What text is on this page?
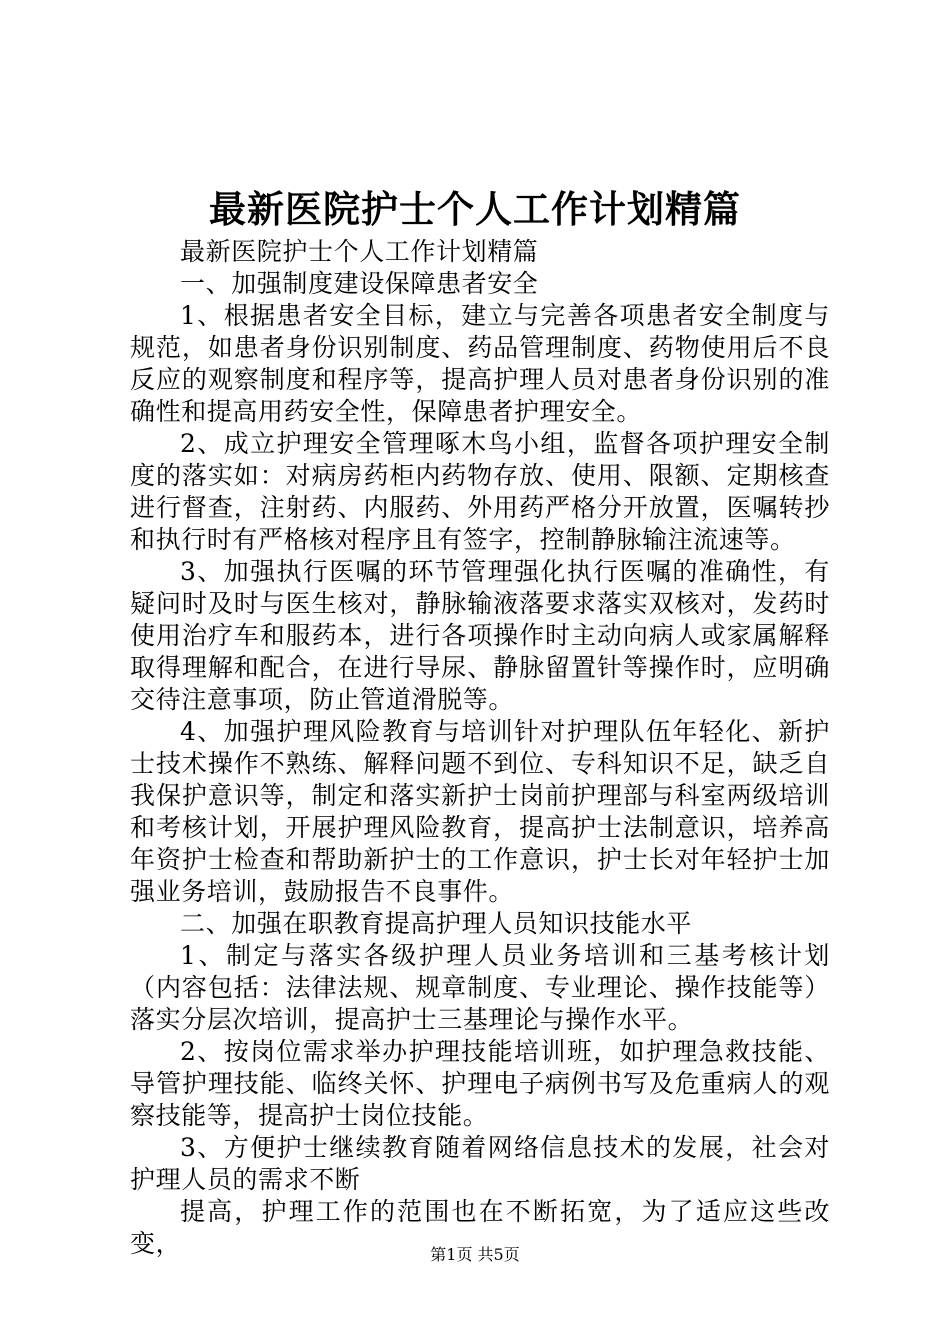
最新医院护士个人工作计划精篇

最新医院护士个人工作计划精篇

一、加强制度建设保障患者安全

1、根据患者安全目标，建立与完善各项患者安全制度与规范，如患者身份识别制度、药品管理制度、药物使用后不良反应的观察制度和程序等，提高护理人员对患者身份识别的准确性和提高用药安全性，保障患者护理安全。

2、成立护理安全管理啄木鸟小组，监督各项护理安全制度的落实如：对病房药柜内药物存放、使用、限额、定期核查进行督查，注射药、内服药、外用药严格分开放置，医嘱转抄和执行时有严格核对程序且有签字，控制静脉输注流速等。

3、加强执行医嘱的环节管理强化执行医嘱的准确性，有疑问时及时与医生核对，静脉输液落要求落实双核对，发药时使用治疗车和服药本，进行各项操作时主动向病人或家属解释取得理解和配合，在进行导尿、静脉留置针等操作时，应明确交待注意事项，防止管道滑脱等。

4、加强护理风险教育与培训针对护理队伍年轻化、新护士技术操作不熟练、解释问题不到位、专科知识不足，缺乏自我保护意识等，制定和落实新护士岗前护理部与科室两级培训和考核计划，开展护理风险教育，提高护士法制意识，培养高年资护士检查和帮助新护士的工作意识，护士长对年轻护士加强业务培训，鼓励报告不良事件。

二、加强在职教育提高护理人员知识技能水平

1、制定与落实各级护理人员业务培训和三基考核计划（内容包括：法律法规、规章制度、专业理论、操作技能等）落实分层次培训，提高护士三基理论与操作水平。

2、按岗位需求举办护理技能培训班，如护理急救技能、导管护理技能、临终关怀、护理电子病例书写及危重病人的观察技能等，提高护士岗位技能。

3、方便护士继续教育随着网络信息技术的发展，社会对护理人员的需求不断

提高，护理工作的范围也在不断拓宽，为了适应这些改变，	第1页 共5页
